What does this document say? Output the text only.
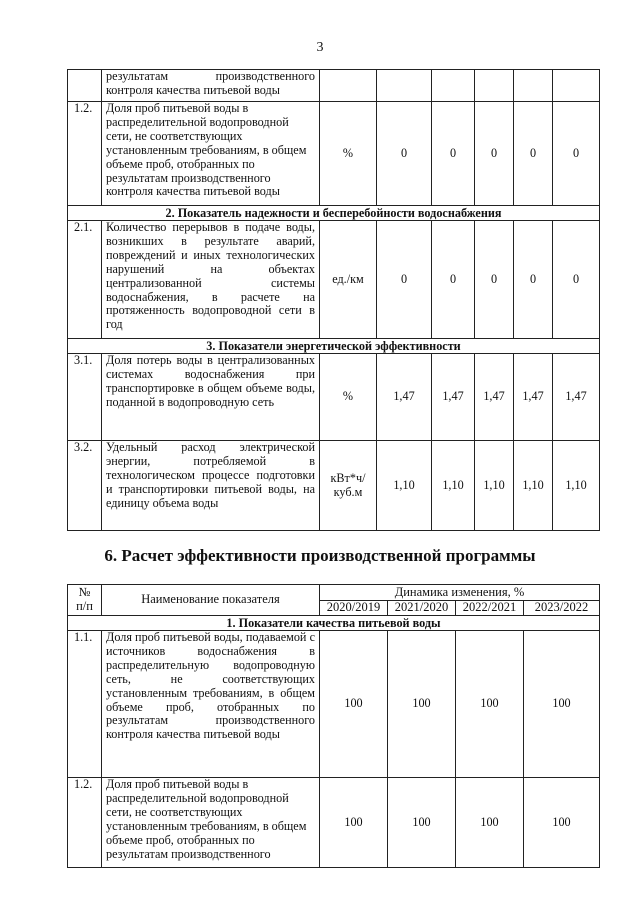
3
	результатам производственного контроля качества питьевой воды						
1.2.	Доля проб питьевой воды в распределительной водопроводной сети, не соответствующих установленным требованиям, в общем объеме проб, отобранных по результатам производственного контроля качества питьевой воды	%	0	0	0	0	0
2. Показатель надежности и бесперебойности водоснабжения							
2.1.	Количество перерывов в подаче воды, возникших в результате аварий, повреждений и иных технологических нарушений на объектах централизованной системы водоснабжения, в расчете на протяженность водопроводной сети в год	ед./км	0	0	0	0	0
3. Показатели энергетической эффективности							
3.1.	Доля потерь воды в централизованных системах водоснабжения при транспортировке в общем объеме воды, поданной в водопроводную сеть	%	1,47	1,47	1,47	1,47	1,47
3.2.	Удельный расход электрической энергии, потребляемой в технологическом процессе подготовки и транспортировки питьевой воды, на единицу объема воды	кВт*ч/ куб.м	1,10	1,10	1,10	1,10	1,10
6. Расчет эффективности производственной программы
№
п/п	Наименование показателя	Динамика изменения, %			
		2020/2019	2021/2020	2022/2021	2023/2022
1. Показатели качества питьевой воды					
1.1.	Доля проб питьевой воды, подаваемой с источников водоснабжения в распределительную водопроводную сеть, не соответствующих установленным требованиям, в общем объеме проб, отобранных по результатам производственного контроля качества питьевой воды	100	100	100	100
1.2.	Доля проб питьевой воды в распределительной водопроводной сети, не соответствующих установленным требованиям, в общем объеме проб, отобранных по результатам производственного	100	100	100	100
